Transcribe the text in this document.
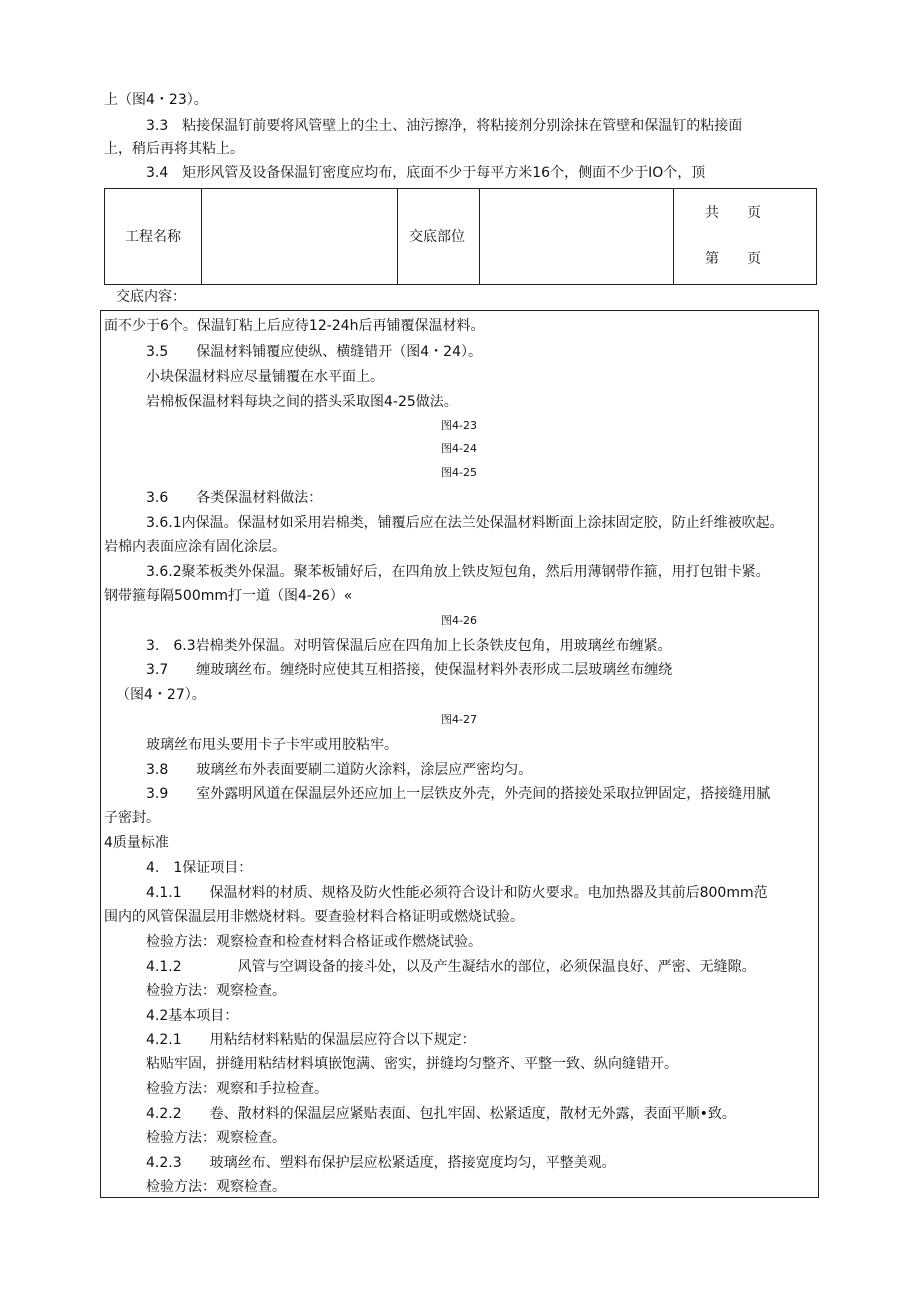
上（图4・23）。
3.3　粘接保温钉前要将风管壁上的尘土、油污擦净，将粘接剂分别涂抹在管壁和保温钉的粘接面
上，稍后再将其粘上。
3.4　矩形风管及设备保温钉密度应均布，底面不少于每平方米16个，侧面不少于IO个，顶
工程名称	交底部位
共　　页
第　　页
交底内容：
面不少于6个。保温钉粘上后应待12-24h后再铺覆保温材料。
3.5　　保温材料铺覆应使纵、横缝错开（图4・24）。
小块保温材料应尽量铺覆在水平面上。
岩棉板保温材料每块之间的搭头采取图4-25做法。
图4-23
图4-24
图4-25
3.6　　各类保温材料做法：
3.6.1内保温。保温材如采用岩棉类，铺覆后应在法兰处保温材料断面上涂抹固定胶，防止纤维被吹起。
岩棉内表面应涂有固化涂层。
3.6.2聚苯板类外保温。聚苯板铺好后，在四角放上铁皮短包角，然后用薄钢带作箍，用打包钳卡紧。
钢带箍每隔500mm打一道（图4-26）«
图4-26
3.　6.3岩棉类外保温。对明管保温后应在四角加上长条铁皮包角，用玻璃丝布缠紧。
3.7　　缠玻璃丝布。缠绕时应使其互相搭接，使保温材料外表形成二层玻璃丝布缠绕
（图4・27）。
图4-27
玻璃丝布甩头要用卡子卡牢或用胶粘牢。
3.8　　玻璃丝布外表面要刷二道防火涂料，涂层应严密均匀。
3.9　　室外露明风道在保温层外还应加上一层铁皮外壳，外壳间的搭接处采取拉钾固定，搭接缝用腻
子密封。
4质量标准
4.　1保证项目：
4.1.1　　保温材料的材质、规格及防火性能必须符合设计和防火要求。电加热器及其前后800mm范
围内的风管保温层用非燃烧材料。要查验材料合格证明或燃烧试验。
检验方法：观察检查和检查材料合格证或作燃烧试验。
4.1.2　　　　风管与空调设备的接斗处，以及产生凝结水的部位，必须保温良好、严密、无缝隙。
检验方法：观察检查。
4.2基本项目：
4.2.1　　用粘结材料粘贴的保温层应符合以下规定：
粘贴牢固，拼缝用粘结材料填嵌饱满、密实，拼缝均匀整齐、平整一致、纵向缝错开。
检验方法：观察和手拉检查。
4.2.2　　卷、散材料的保温层应紧贴表面、包扎牢固、松紧适度，散材无外露，表面平顺•致。
检验方法：观察检查。
4.2.3　　玻璃丝布、塑料布保护层应松紧适度，搭接宽度均匀，平整美观。
检验方法：观察检查。
